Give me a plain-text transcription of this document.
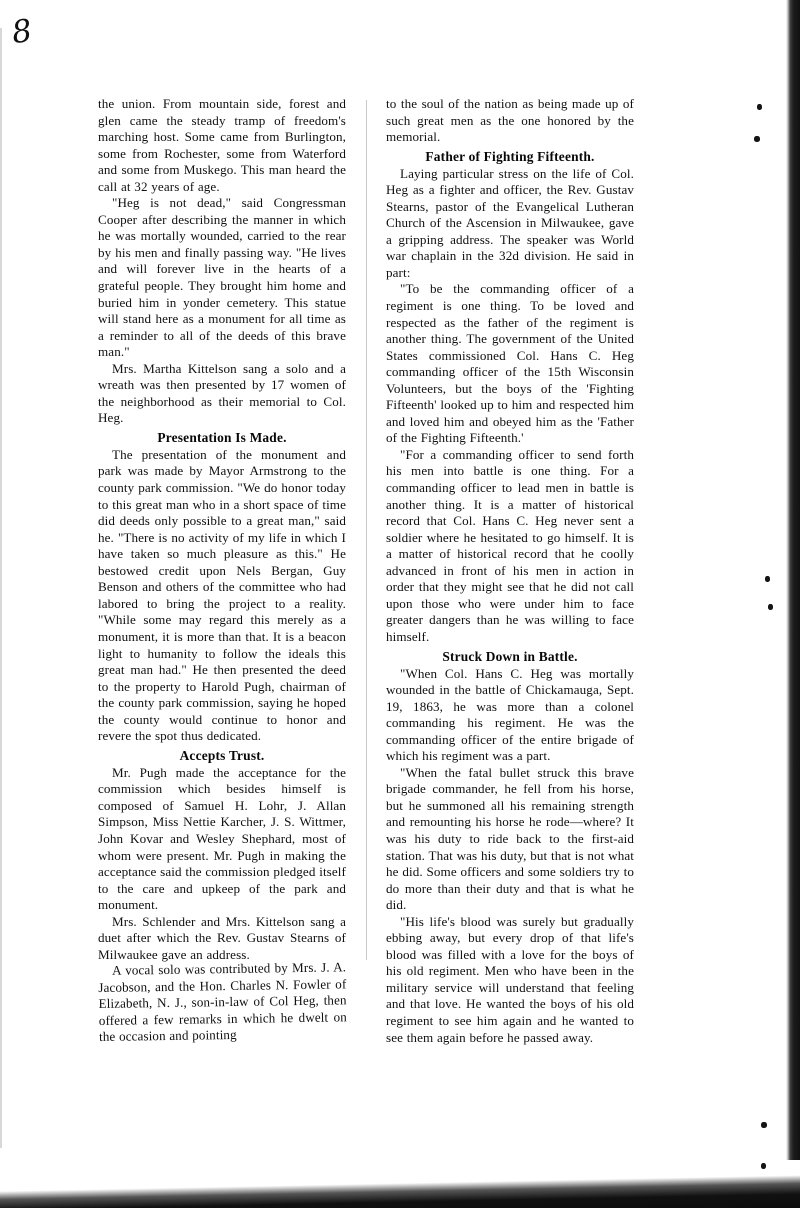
8

the union. From mountain side, forest and glen came the steady tramp of freedom's marching host. Some came from Burlington, some from Rochester, some from Waterford and some from Muskego. This man heard the call at 32 years of age.

"Heg is not dead," said Congressman Cooper after describing the manner in which he was mortally wounded, carried to the rear by his men and finally passing way. "He lives and will forever live in the hearts of a grateful people. They brought him home and buried him in yonder cemetery. This statue will stand here as a monument for all time as a reminder to all of the deeds of this brave man."

Mrs. Martha Kittelson sang a solo and a wreath was then presented by 17 women of the neighborhood as their memorial to Col. Heg.

Presentation Is Made.

The presentation of the monument and park was made by Mayor Armstrong to the county park commission. "We do honor today to this great man who in a short space of time did deeds only possible to a great man," said he. "There is no activity of my life in which I have taken so much pleasure as this." He bestowed credit upon Nels Bergan, Guy Benson and others of the committee who had labored to bring the project to a reality. "While some may regard this merely as a monument, it is more than that. It is a beacon light to humanity to follow the ideals this great man had." He then presented the deed to the property to Harold Pugh, chairman of the county park commission, saying he hoped the county would continue to honor and revere the spot thus dedicated.

Accepts Trust.

Mr. Pugh made the acceptance for the commission which besides himself is composed of Samuel H. Lohr, J. Allan Simpson, Miss Nettie Karcher, J. S. Wittmer, John Kovar and Wesley Shephard, most of whom were present. Mr. Pugh in making the acceptance said the commission pledged itself to the care and upkeep of the park and monument.

Mrs. Schlender and Mrs. Kittelson sang a duet after which the Rev. Gustav Stearns of Milwaukee gave an address.

A vocal solo was contributed by Mrs. J. A. Jacobson, and the Hon. Charles N. Fowler of Elizabeth, N. J., son-in-law of Col Heg, then offered a few remarks in which he dwelt on the occasion and pointing

to the soul of the nation as being made up of such great men as the one honored by the memorial.

Father of Fighting Fifteenth.

Laying particular stress on the life of Col. Heg as a fighter and officer, the Rev. Gustav Stearns, pastor of the Evangelical Lutheran Church of the Ascension in Milwaukee, gave a gripping address. The speaker was World war chaplain in the 32d division. He said in part:

"To be the commanding officer of a regiment is one thing. To be loved and respected as the father of the regiment is another thing. The government of the United States commissioned Col. Hans C. Heg commanding officer of the 15th Wisconsin Volunteers, but the boys of the 'Fighting Fifteenth' looked up to him and respected him and loved him and obeyed him as the 'Father of the Fighting Fifteenth.'

"For a commanding officer to send forth his men into battle is one thing. For a commanding officer to lead men in battle is another thing. It is a matter of historical record that Col. Hans C. Heg never sent a soldier where he hesitated to go himself. It is a matter of historical record that he coolly advanced in front of his men in action in order that they might see that he did not call upon those who were under him to face greater dangers than he was willing to face himself.

Struck Down in Battle.

"When Col. Hans C. Heg was mortally wounded in the battle of Chickamauga, Sept. 19, 1863, he was more than a colonel commanding his regiment. He was the commanding officer of the entire brigade of which his regiment was a part.

"When the fatal bullet struck this brave brigade commander, he fell from his horse, but he summoned all his remaining strength and remounting his horse he rode—where? It was his duty to ride back to the first-aid station. That was his duty, but that is not what he did. Some officers and some soldiers try to do more than their duty and that is what he did.

"His life's blood was surely but gradually ebbing away, but every drop of that life's blood was filled with a love for the boys of his old regiment. Men who have been in the military service will understand that feeling and that love. He wanted the boys of his old regiment to see him again and he wanted to see them again before he passed away.
